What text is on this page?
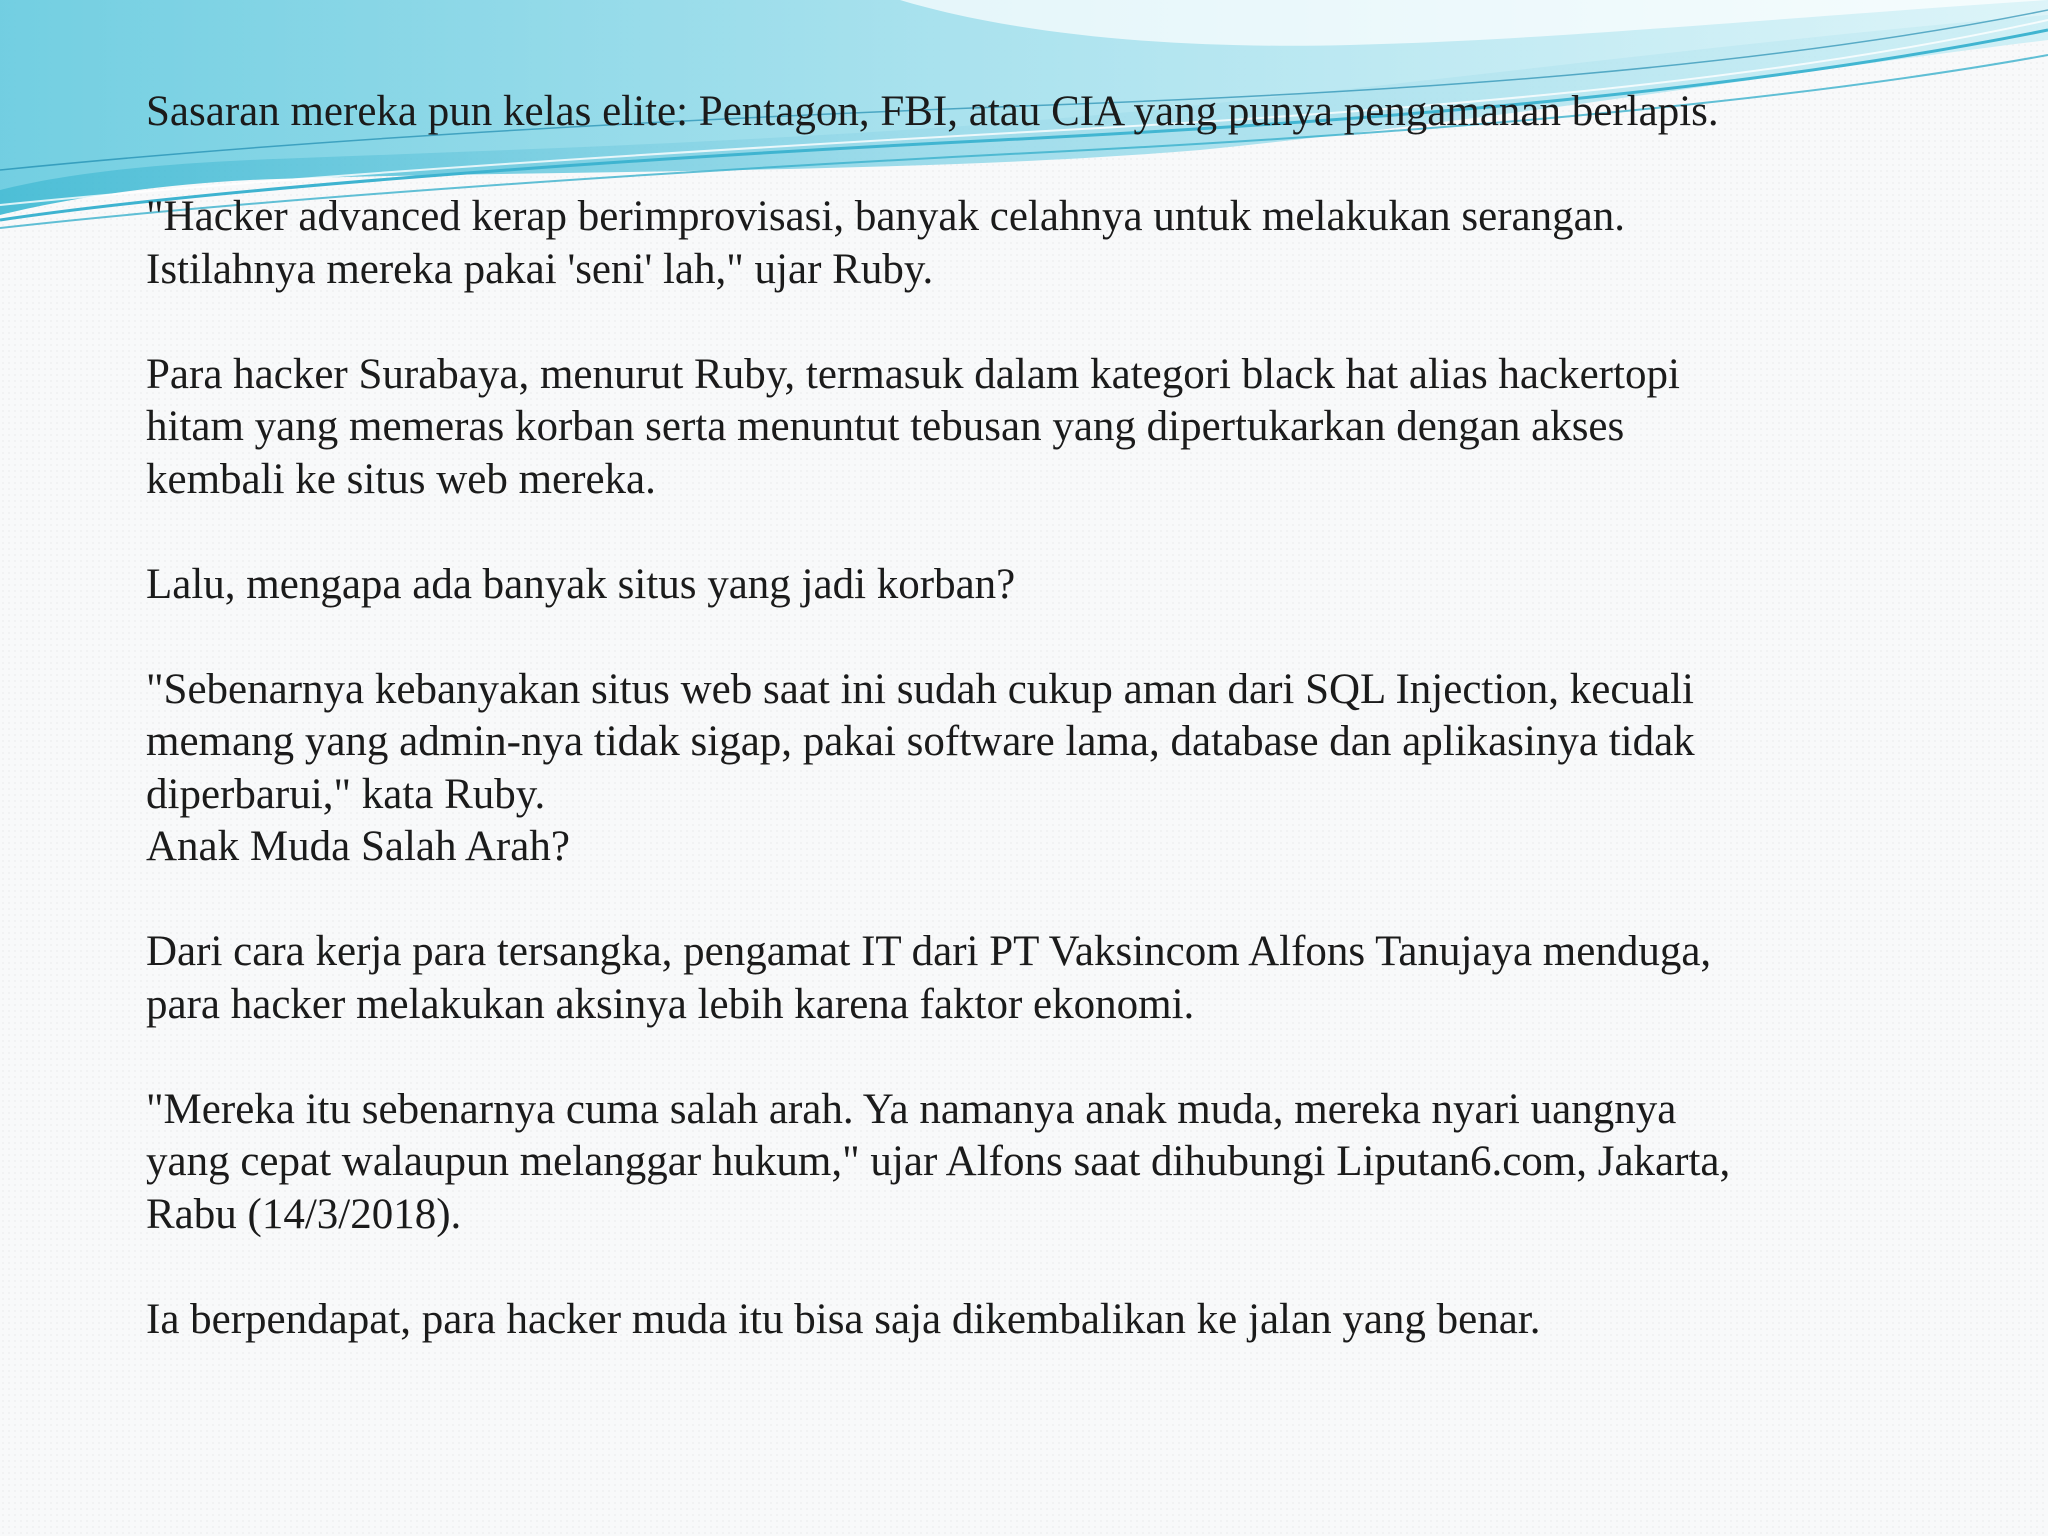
Sasaran mereka pun kelas elite: Pentagon, FBI, atau CIA yang punya pengamanan berlapis.

"Hacker advanced kerap berimprovisasi, banyak celahnya untuk melakukan serangan.
Istilahnya mereka pakai 'seni' lah," ujar Ruby.

Para hacker Surabaya, menurut Ruby, termasuk dalam kategori black hat alias hackertopi
hitam yang memeras korban serta menuntut tebusan yang dipertukarkan dengan akses
kembali ke situs web mereka.

Lalu, mengapa ada banyak situs yang jadi korban?

"Sebenarnya kebanyakan situs web saat ini sudah cukup aman dari SQL Injection, kecuali
memang yang admin-nya tidak sigap, pakai software lama, database dan aplikasinya tidak
diperbarui," kata Ruby.

Anak Muda Salah Arah?

Dari cara kerja para tersangka, pengamat IT dari PT Vaksincom Alfons Tanujaya menduga,
para hacker melakukan aksinya lebih karena faktor ekonomi.

"Mereka itu sebenarnya cuma salah arah. Ya namanya anak muda, mereka nyari uangnya
yang cepat walaupun melanggar hukum," ujar Alfons saat dihubungi Liputan6.com, Jakarta,
Rabu (14/3/2018).

Ia berpendapat, para hacker muda itu bisa saja dikembalikan ke jalan yang benar.
